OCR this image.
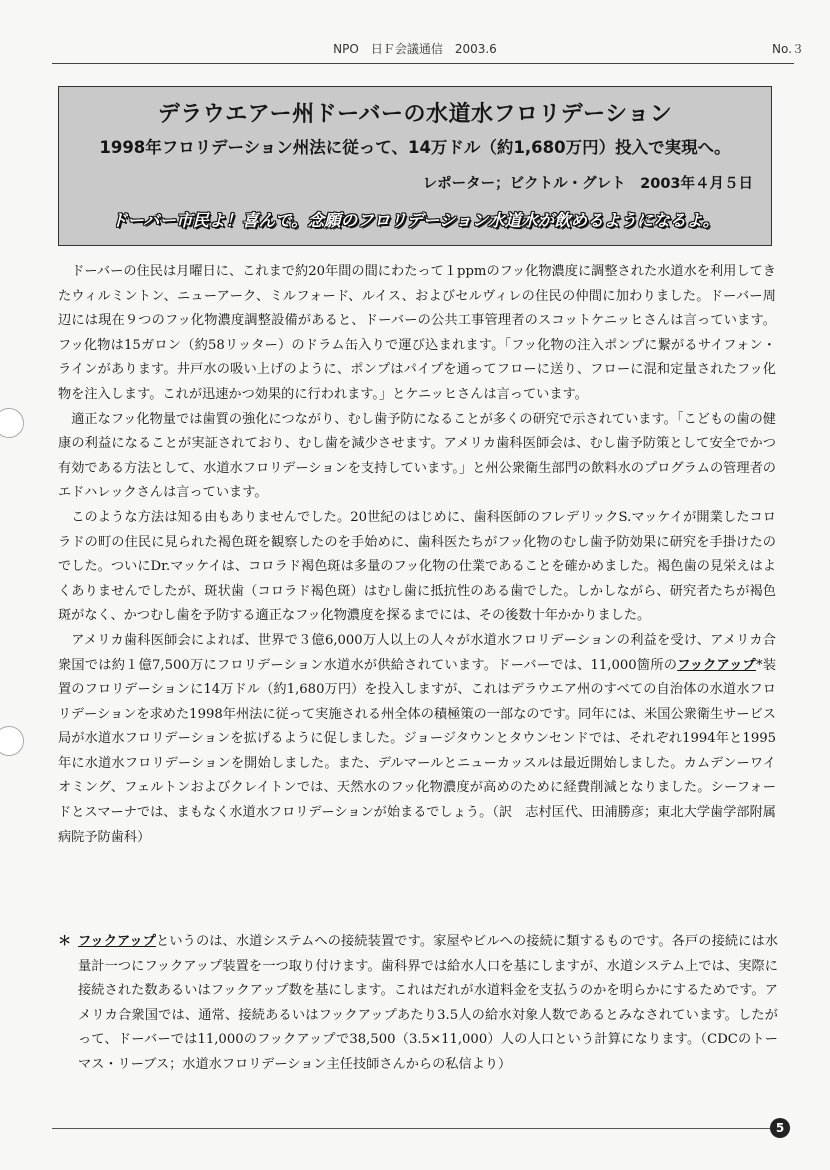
NPO　日Ｆ会議通信　2003.6	No.３
デラウエアー州ドーバーの水道水フロリデーション
1998年フロリデーション州法に従って、14万ドル（約1,680万円）投入で実現へ。
レポーター；ビクトル・グレト　2003年４月５日
ドーバー市民よ！喜んで。念願のフロリデーション水道水が飲めるようになるよ。

ドーバーの住民は月曜日に、これまで約20年間の間にわたって１ppmのフッ化物濃度に調整された水道水を利用してきたウィルミントン、ニューアーク、ミルフォード、ルイス、およびセルヴィレの住民の仲間に加わりました。ドーバー周辺には現在９つのフッ化物濃度調整設備があると、ドーバーの公共工事管理者のスコットケニッヒさんは言っています。フッ化物は15ガロン（約58リッター）のドラム缶入りで運び込まれます。「フッ化物の注入ポンプに繋がるサイフォン・ラインがあります。井戸水の吸い上げのように、ポンプはパイプを通ってフローに送り、フローに混和定量されたフッ化物を注入します。これが迅速かつ効果的に行われます。」とケニッヒさんは言っています。

適正なフッ化物量では歯質の強化につながり、むし歯予防になることが多くの研究で示されています。「こどもの歯の健康の利益になることが実証されており、むし歯を減少させます。アメリカ歯科医師会は、むし歯予防策として安全でかつ有効である方法として、水道水フロリデーションを支持しています。」と州公衆衛生部門の飲料水のプログラムの管理者のエドハレックさんは言っています。

このような方法は知る由もありませんでした。20世紀のはじめに、歯科医師のフレデリックS.マッケイが開業したコロラドの町の住民に見られた褐色斑を観察したのを手始めに、歯科医たちがフッ化物のむし歯予防効果に研究を手掛けたのでした。ついにDr.マッケイは、コロラド褐色斑は多量のフッ化物の仕業であることを確かめました。褐色歯の見栄えはよくありませんでしたが、斑状歯（コロラド褐色斑）はむし歯に抵抗性のある歯でした。しかしながら、研究者たちが褐色斑がなく、かつむし歯を予防する適正なフッ化物濃度を探るまでには、その後数十年かかりました。

アメリカ歯科医師会によれば、世界で３億6,000万人以上の人々が水道水フロリデーションの利益を受け、アメリカ合衆国では約１億7,500万にフロリデーション水道水が供給されています。ドーバーでは、11,000箇所のフックアップ*装置のフロリデーションに14万ドル（約1,680万円）を投入しますが、これはデラウエア州のすべての自治体の水道水フロリデーションを求めた1998年州法に従って実施される州全体の積極策の一部なのです。同年には、米国公衆衛生サービス局が水道水フロリデーションを拡げるように促しました。ジョージタウンとタウンセンドでは、それぞれ1994年と1995年に水道水フロリデーションを開始しました。また、デルマールとニューカッスルは最近開始しました。カムデンーワイオミング、フェルトンおよびクレイトンでは、天然水のフッ化物濃度が高めのために経費削減となりました。シーフォードとスマーナでは、まもなく水道水フロリデーションが始まるでしょう。（訳　志村匡代、田浦勝彦；東北大学歯学部附属病院予防歯科）

＊ フックアップというのは、水道システムへの接続装置です。家屋やビルへの接続に類するものです。各戸の接続には水量計一つにフックアップ装置を一つ取り付けます。歯科界では給水人口を基にしますが、水道システム上では、実際に接続された数あるいはフックアップ数を基にします。これはだれが水道料金を支払うのかを明らかにするためです。アメリカ合衆国では、通常、接続あるいはフックアップあたり3.5人の給水対象人数であるとみなされています。したがって、ドーバーでは11,000のフックアップで38,500（3.5×11,000）人の人口という計算になります。（CDCのトーマス・リーブス；水道水フロリデーション主任技師さんからの私信より）
5
